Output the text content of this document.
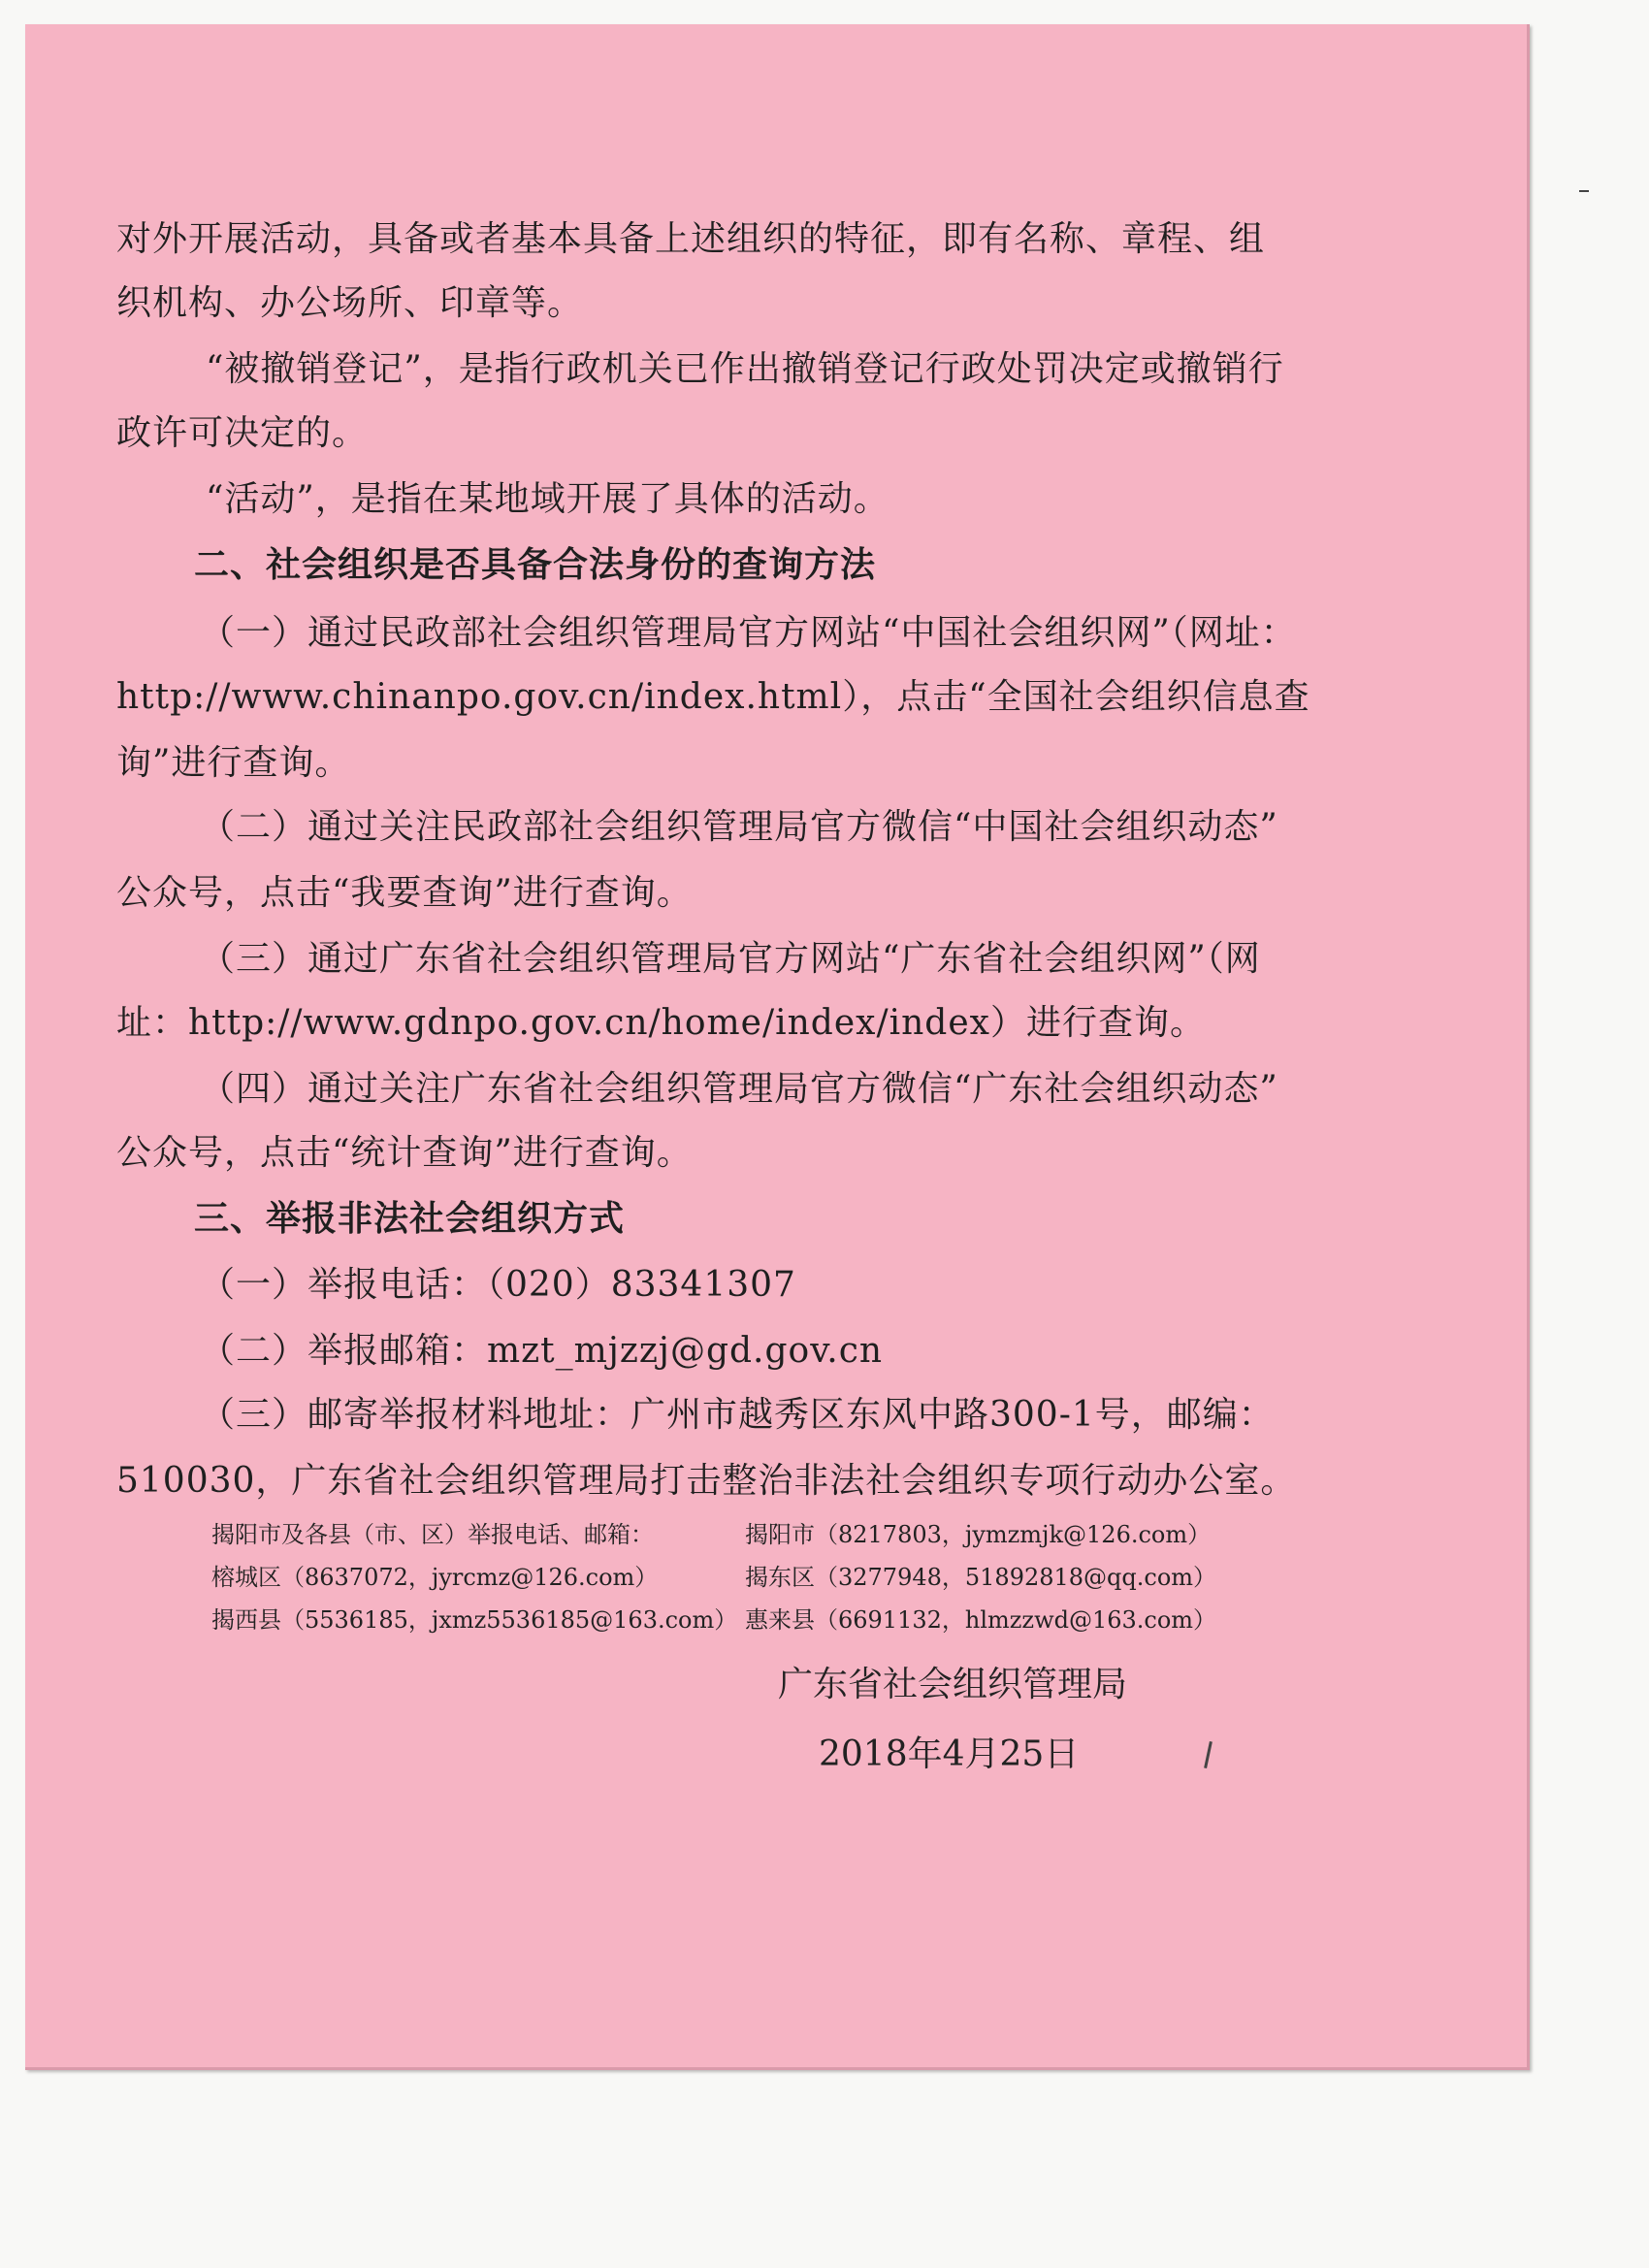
对外开展活动，具备或者基本具备上述组织的特征，即有名称、章程、组
织机构、办公场所、印章等。
“被撤销登记”，是指行政机关已作出撤销登记行政处罚决定或撤销行
政许可决定的。
“活动”，是指在某地域开展了具体的活动。
二、社会组织是否具备合法身份的查询方法
（一）通过民政部社会组织管理局官方网站“中国社会组织网”（网址：
http://www.chinanpo.gov.cn/index.html），点击“全国社会组织信息查
询”进行查询。
（二）通过关注民政部社会组织管理局官方微信“中国社会组织动态”
公众号，点击“我要查询”进行查询。
（三）通过广东省社会组织管理局官方网站“广东省社会组织网”（网
址：http://www.gdnpo.gov.cn/home/index/index）进行查询。
（四）通过关注广东省社会组织管理局官方微信“广东社会组织动态”
公众号，点击“统计查询”进行查询。
三、举报非法社会组织方式
（一）举报电话：（020）83341307
（二）举报邮箱：mzt_mjzzj@gd.gov.cn
（三）邮寄举报材料地址：广州市越秀区东风中路300-1号，邮编：
510030，广东省社会组织管理局打击整治非法社会组织专项行动办公室。
揭阳市及各县（市、区）举报电话、邮箱：	揭阳市（8217803，jymzmjk@126.com）
榕城区（8637072，jyrcmz@126.com）	揭东区（3277948，51892818@qq.com）
揭西县（5536185，jxmz5536185@163.com） 惠来县（6691132，hlmzzwd@163.com）
广东省社会组织管理局
2018年4月25日
